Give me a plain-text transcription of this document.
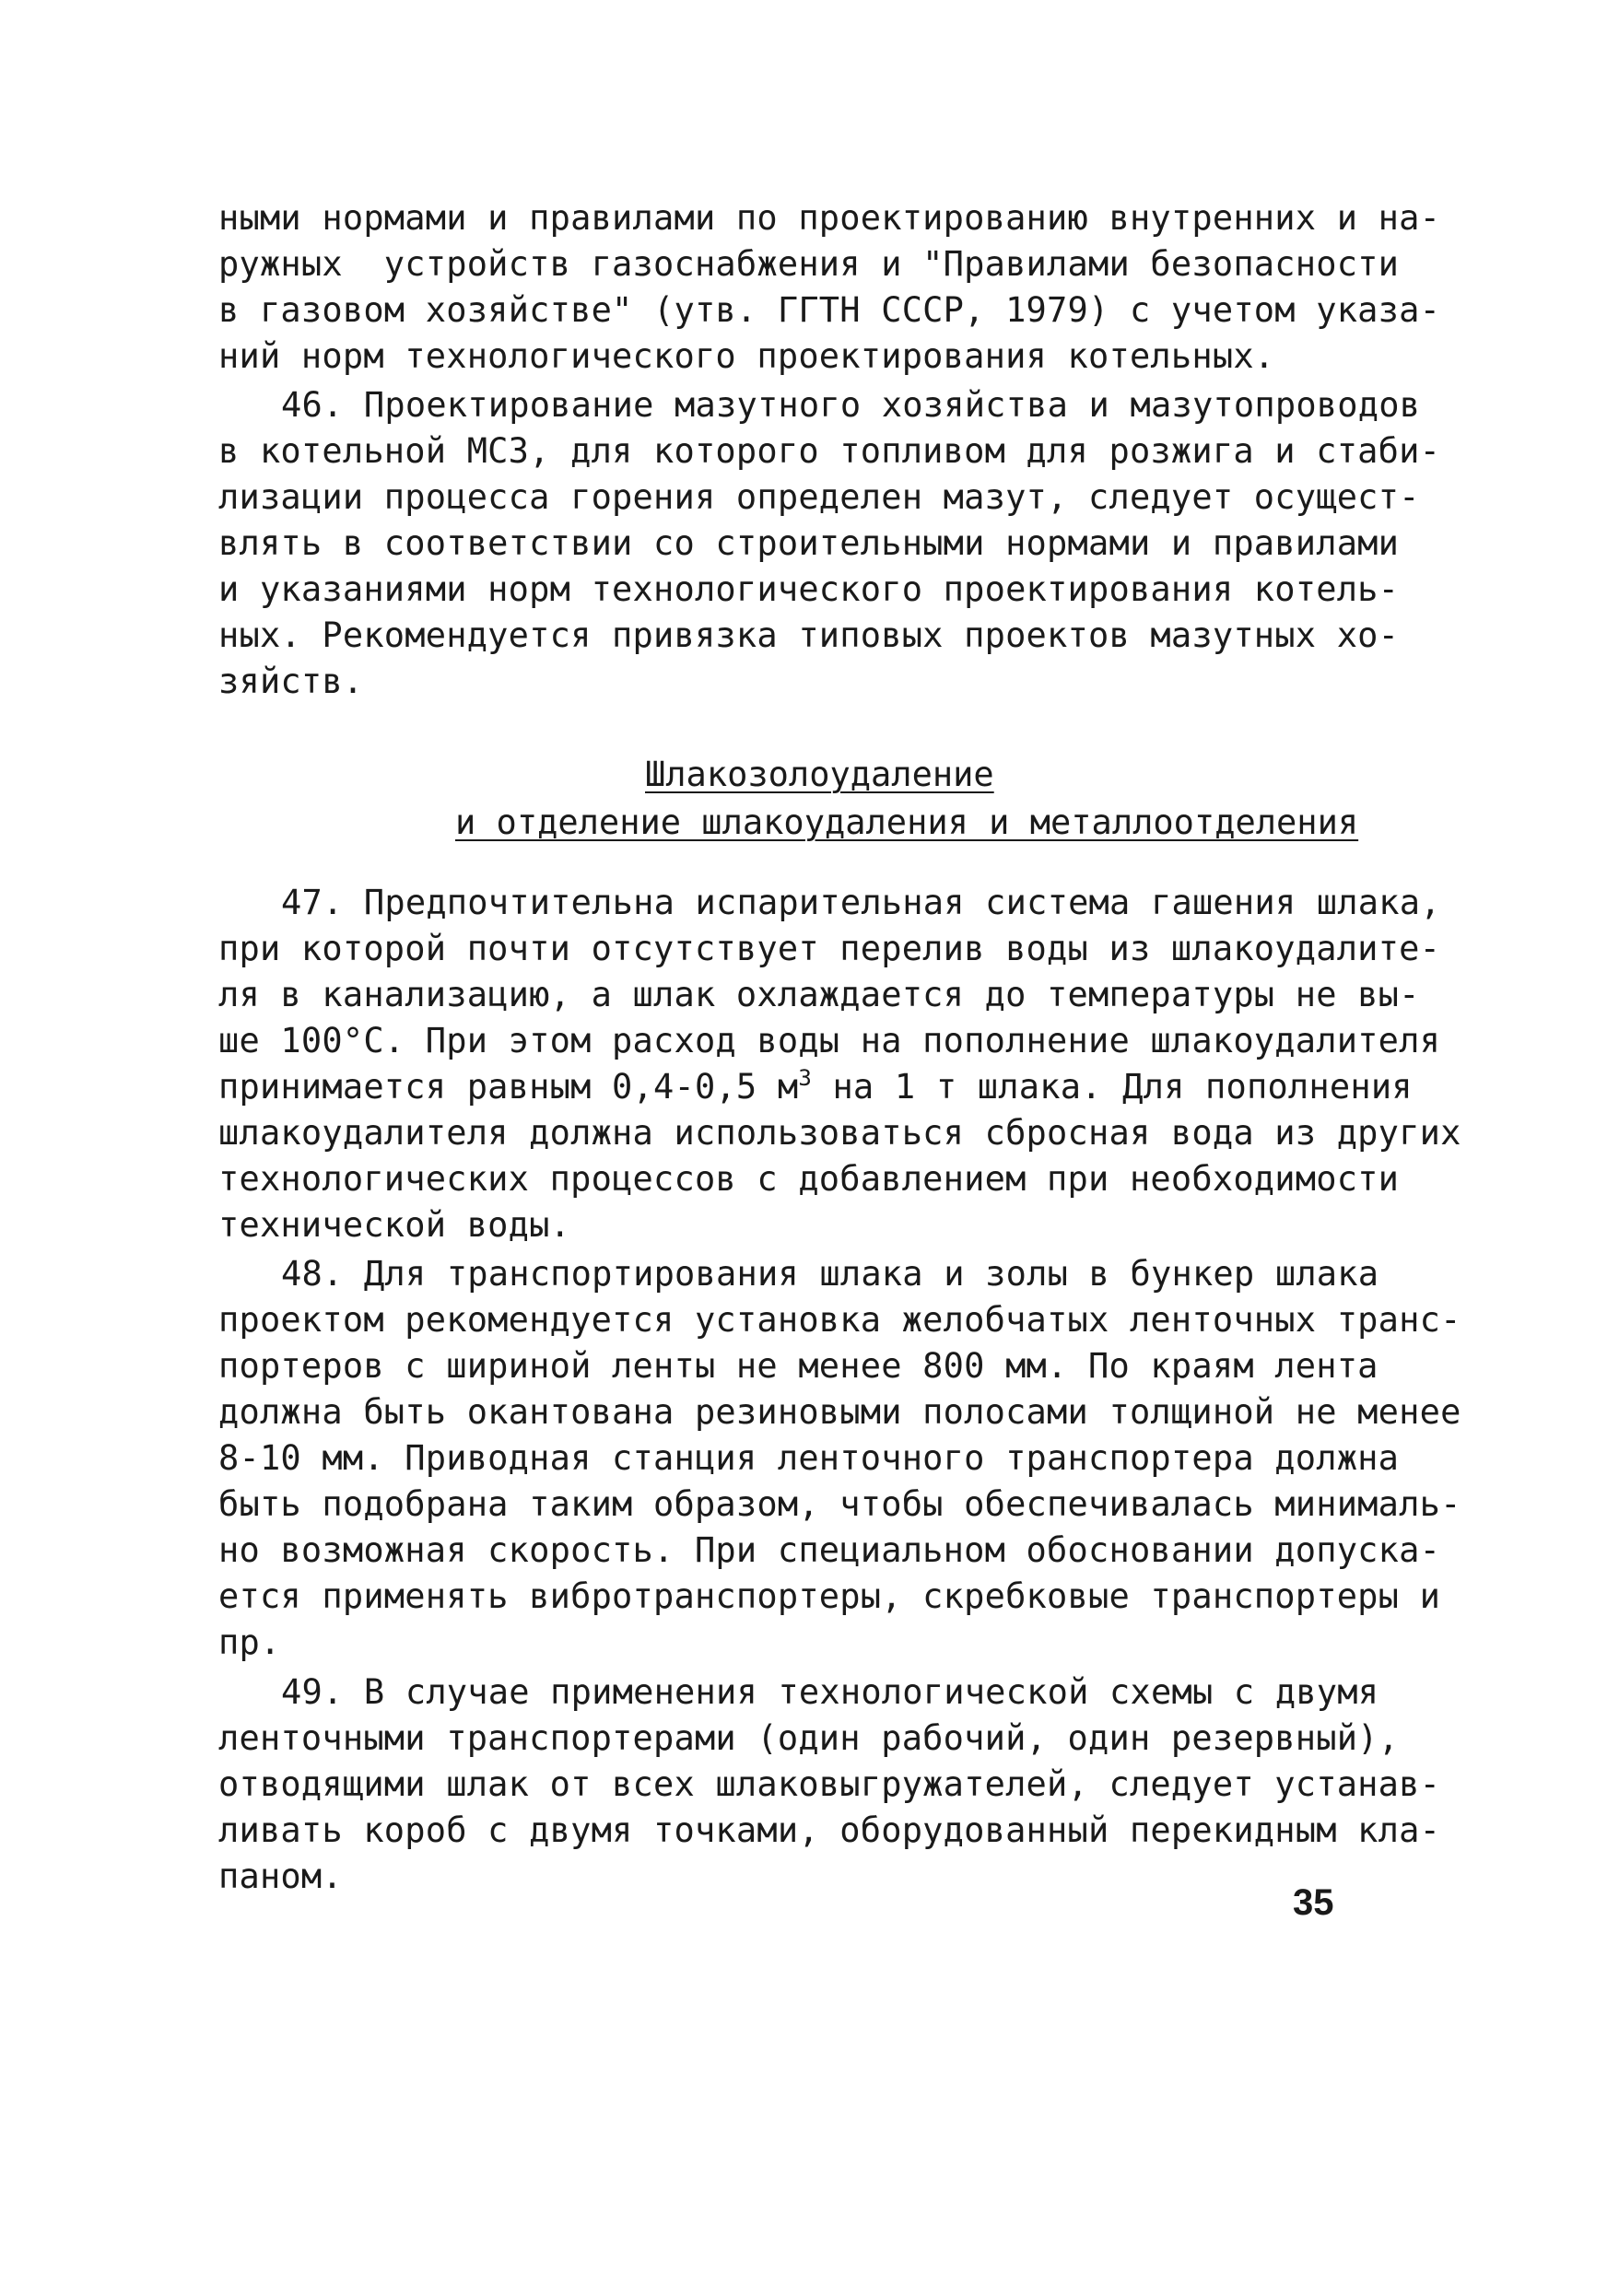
ными нормами и правилами по проектированию внутренних и на-
ружных  устройств газоснабжения и "Правилами безопасности
в газовом хозяйстве" (утв. ГГТН СССР, 1979) с учетом указа-
ний норм технологического проектирования котельных.
46. Проектирование мазутного хозяйства и мазутопроводов
в котельной МСЗ, для которого топливом для розжига и стаби-
лизации процесса горения определен мазут, следует осущест-
влять в соответствии со строительными нормами и правилами
и указаниями норм технологического проектирования котель-
ных. Рекомендуется привязка типовых проектов мазутных хо-
зяйств.
Шлакозолоудаление
и отделение шлакоудаления и металлоотделения
47. Предпочтительна испарительная система гашения шлака,
при которой почти отсутствует перелив воды из шлакоудалите-
ля в канализацию, а шлак охлаждается до температуры не вы-
ше 100°С. При этом расход воды на пополнение шлакоудалителя
принимается равным 0,4-0,5 $м^3$ на 1 т шлака. Для пополнения
шлакоудалителя должна использоваться сбросная вода из других
технологических процессов с добавлением при необходимости
технической воды.
48. Для транспортирования шлака и золы в бункер шлака
проектом рекомендуется установка желобчатых ленточных транс-
портеров с шириной ленты не менее 800 мм. По краям лента
должна быть окантована резиновыми полосами толщиной не менее
8-10 мм. Приводная станция ленточного транспортера должна
быть подобрана таким образом, чтобы обеспечивалась минималь-
но возможная скорость. При специальном обосновании допуска-
ется применять вибротранспортеры, скребковые транспортеры и
пр.
49. В случае применения технологической схемы с двумя
ленточными транспортерами (один рабочий, один резервный),
отводящими шлак от всех шлаковыгружателей, следует устанав-
ливать короб с двумя точками, оборудованный перекидным кла-
паном.
35
